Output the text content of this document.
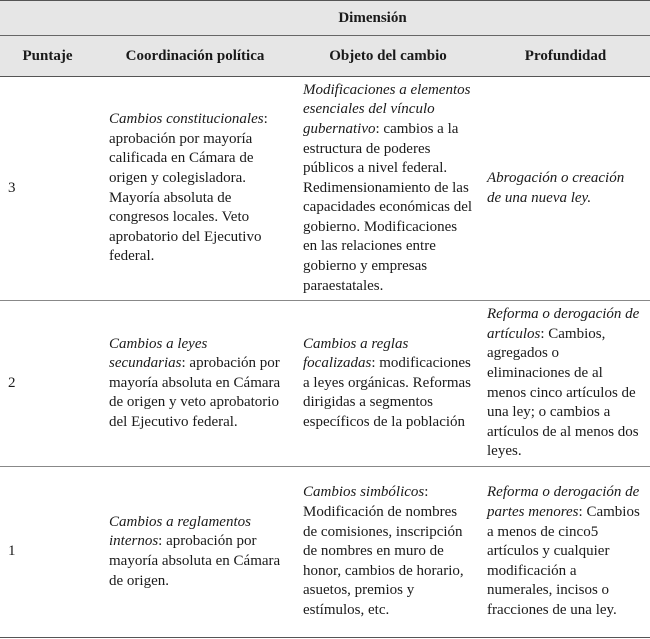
	Dimensión		
Puntaje	Coordinación política	Objeto del cambio	Profundidad
3	Cambios constitucionales: aprobación por mayoría calificada en Cámara de origen y colegisladora. Mayoría absoluta de congresos locales. Veto aprobatorio del Ejecutivo federal.	Modificaciones a elementos esenciales del vínculo gubernativo: cambios a la estructura de poderes públicos a nivel federal. Redimensionamiento de las capacidades económicas del gobierno. Modificaciones en las relaciones entre gobierno y empresas paraestatales.	Abrogación o creación de una nueva ley.
2	Cambios a leyes secundarias: aprobación por mayoría absoluta en Cámara de origen y veto aprobatorio del Ejecutivo federal.	Cambios a reglas focalizadas: modificaciones a leyes orgánicas. Reformas dirigidas a segmentos específicos de la población	Reforma o derogación de artículos: Cambios, agregados o eliminaciones de al menos cinco artículos de una ley; o cambios a artículos de al menos dos leyes.
1	Cambios a reglamentos internos: aprobación por mayoría absoluta en Cámara de origen.	Cambios simbólicos: Modificación de nombres de comisiones, inscripción de nombres en muro de honor, cambios de horario, asuetos, premios y estímulos, etc.	Reforma o derogación de partes menores: Cambios a menos de cinco5 artículos y cualquier modificación a numerales, incisos o fracciones de una ley.
